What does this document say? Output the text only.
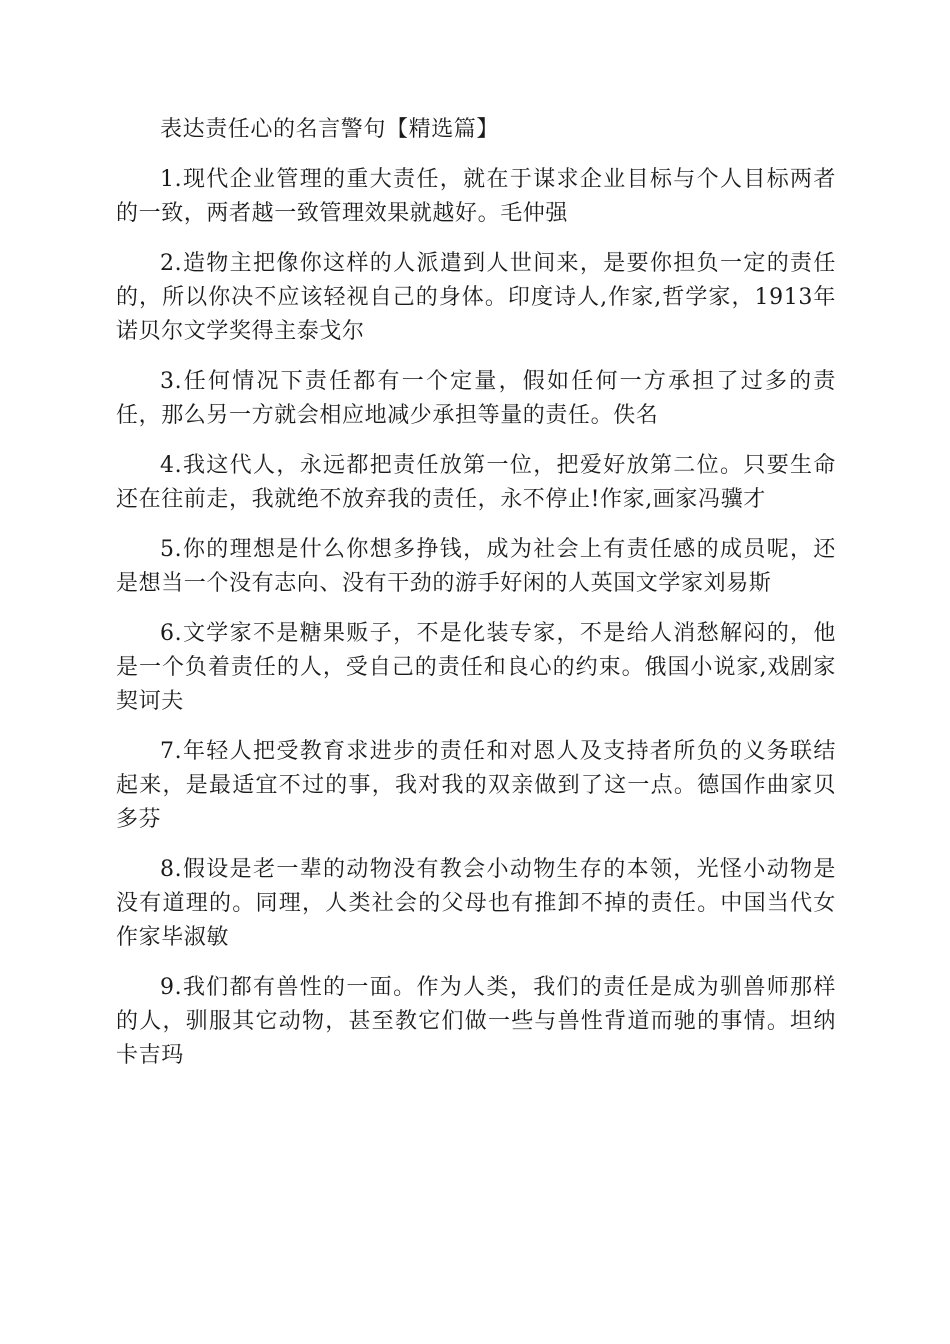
表达责任心的名言警句【精选篇】

1.现代企业管理的重大责任，就在于谋求企业目标与个人目标两者的一致，两者越一致管理效果就越好。毛仲强

2.造物主把像你这样的人派遣到人世间来，是要你担负一定的责任的，所以你决不应该轻视自己的身体。印度诗人,作家,哲学家，1913年诺贝尔文学奖得主泰戈尔

3.任何情况下责任都有一个定量，假如任何一方承担了过多的责任，那么另一方就会相应地减少承担等量的责任。佚名

4.我这代人，永远都把责任放第一位，把爱好放第二位。只要生命还在往前走，我就绝不放弃我的责任，永不停止!作家,画家冯骥才

5.你的理想是什么你想多挣钱，成为社会上有责任感的成员呢，还是想当一个没有志向、没有干劲的游手好闲的人英国文学家刘易斯

6.文学家不是糖果贩子，不是化装专家，不是给人消愁解闷的，他是一个负着责任的人，受自己的责任和良心的约束。俄国小说家,戏剧家契诃夫

7.年轻人把受教育求进步的责任和对恩人及支持者所负的义务联结起来，是最适宜不过的事，我对我的双亲做到了这一点。德国作曲家贝多芬

8.假设是老一辈的动物没有教会小动物生存的本领，光怪小动物是没有道理的。同理，人类社会的父母也有推卸不掉的责任。中国当代女作家毕淑敏

9.我们都有兽性的一面。作为人类，我们的责任是成为驯兽师那样的人，驯服其它动物，甚至教它们做一些与兽性背道而驰的事情。坦纳卡吉玛
